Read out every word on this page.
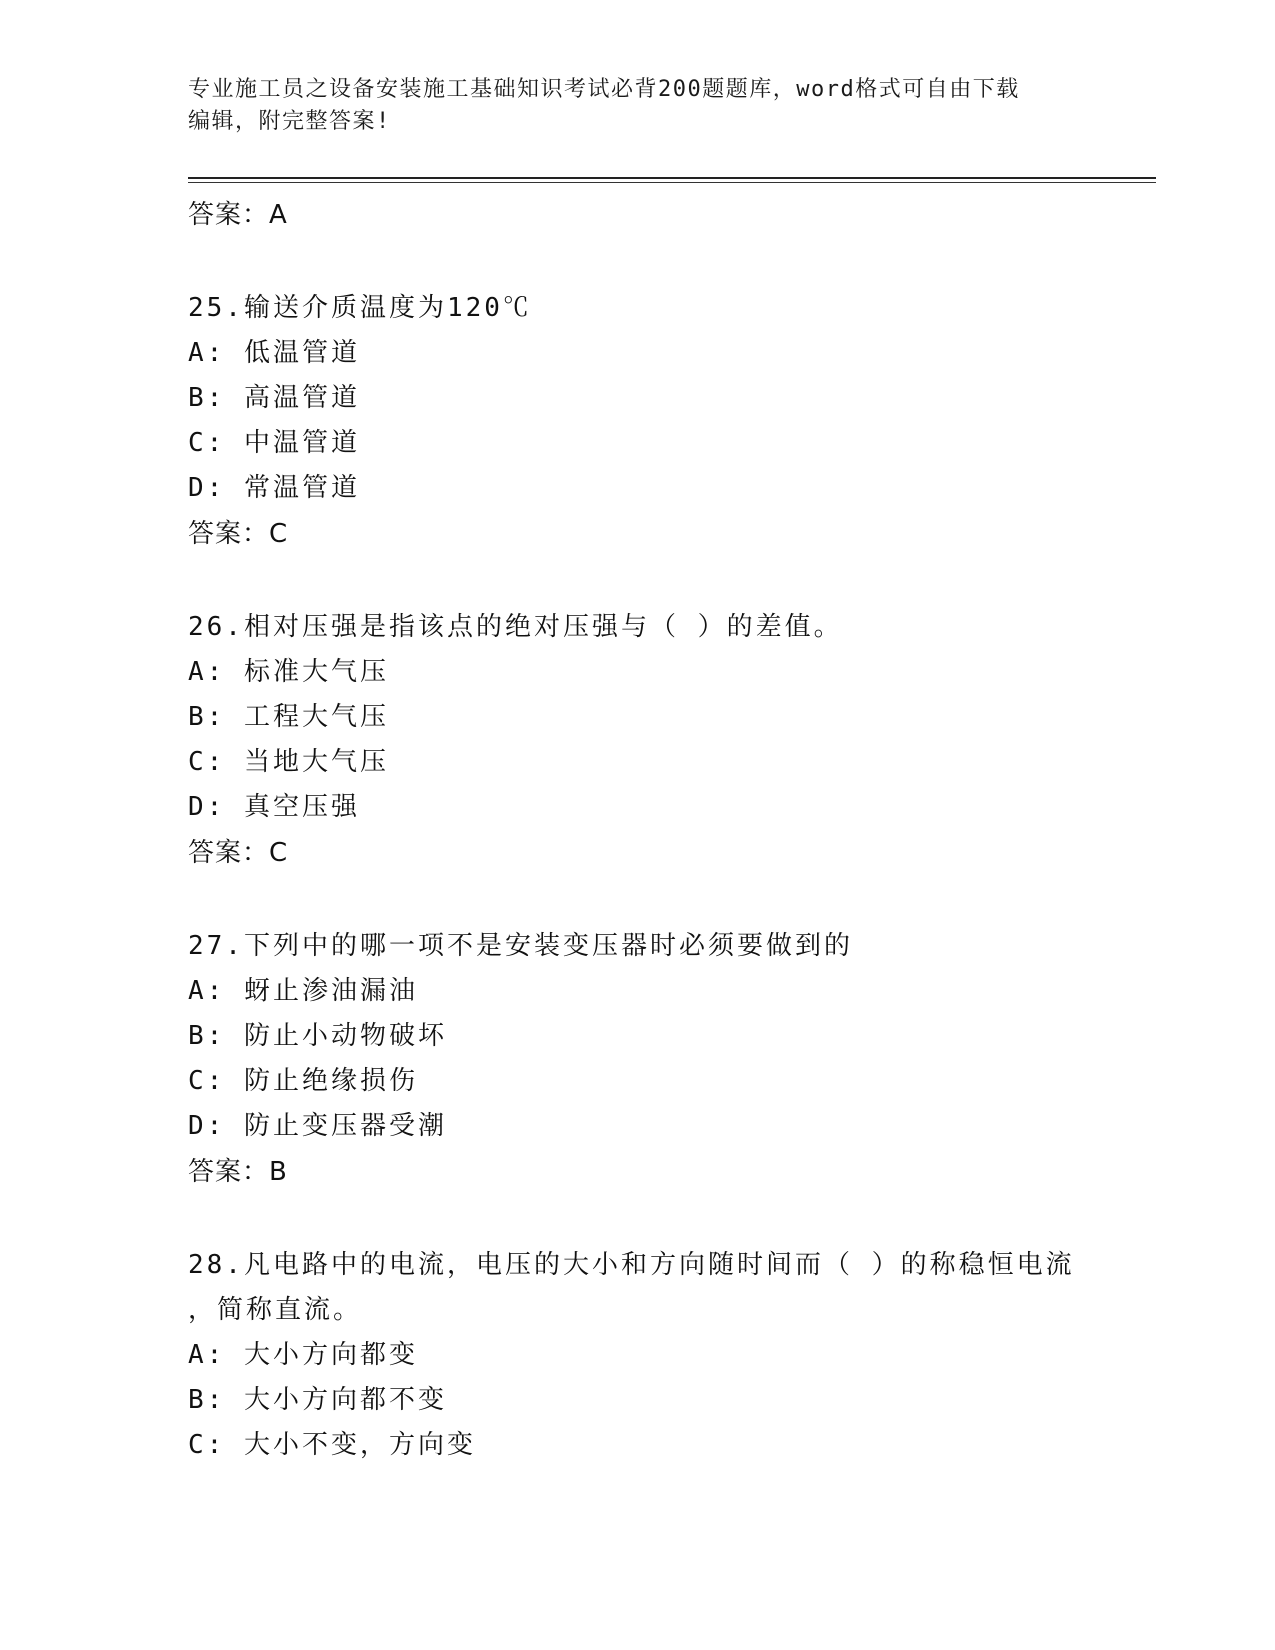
专业施工员之设备安装施工基础知识考试必背200题题库，word格式可自由下载
编辑，附完整答案!
答案：A
25.输送介质温度为120℃
A: 低温管道
B: 高温管道
C: 中温管道
D: 常温管道
答案：C
26.相对压强是指该点的绝对压强与（ ）的差值。
A: 标准大气压
B: 工程大气压
C: 当地大气压
D: 真空压强
答案：C
27.下列中的哪一项不是安装变压器时必须要做到的
A: 蚜止渗油漏油
B: 防止小动物破坏
C: 防止绝缘损伤
D: 防止变压器受潮
答案：B
28.凡电路中的电流，电压的大小和方向随时间而（ ）的称稳恒电流
，简称直流。
A: 大小方向都变
B: 大小方向都不变
C: 大小不变，方向变
